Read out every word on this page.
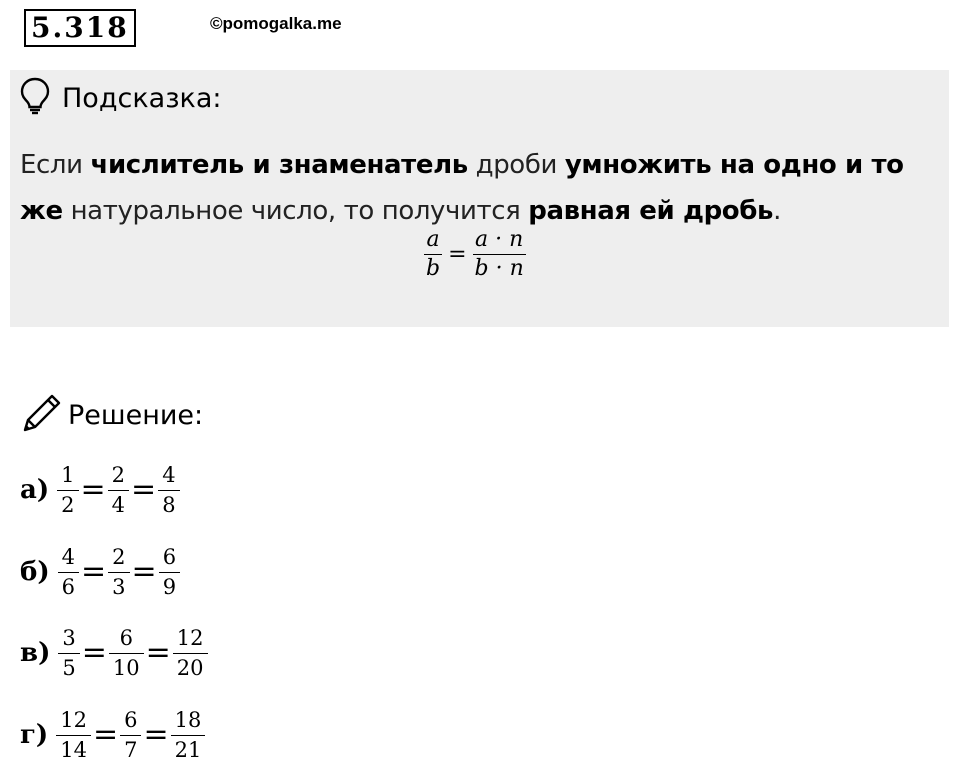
5.318	©pomogalka.me
Подсказка:
Если числитель и знаменатель дроби умножить на одно и то же натуральное число, то получится равная ей дробь.
$\frac{a}{b} = \frac{a \cdot n}{b \cdot n}$
Решение:
$а) \frac{1}{2} = \frac{2}{4} = \frac{4}{8}$
$б) \frac{4}{6} = \frac{2}{3} = \frac{6}{9}$
$в) \frac{3}{5} = \frac{6}{10} = \frac{12}{20}$
$г) \frac{12}{14} = \frac{6}{7} = \frac{18}{21}$
